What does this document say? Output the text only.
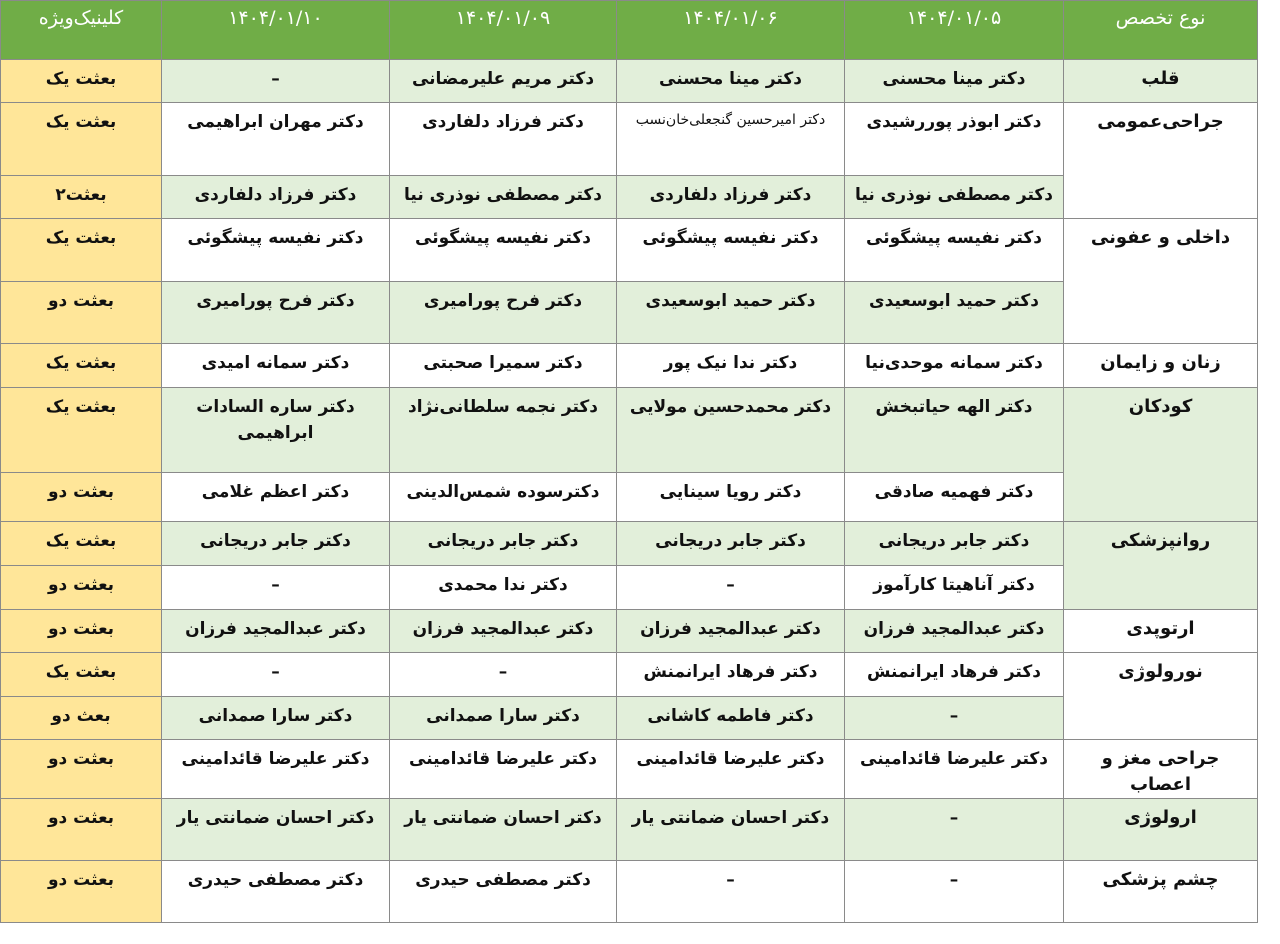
کلینیک‌ویژه	۱۴۰۴/۰۱/۱۰	۱۴۰۴/۰۱/۰۹	۱۴۰۴/۰۱/۰۶	۱۴۰۴/۰۱/۰۵	نوع تخصص
بعثت یک	–	دکتر مریم علیرمضانی	دکتر مینا محسنی	دکتر مینا محسنی	قلب
بعثت یک	دکتر مهران ابراهیمی	دکتر فرزاد دلفاردی	دکتر امیرحسین گنجعلی‌خان‌نسب	دکتر ابوذر پوررشیدی	جراحی‌عمومی
بعثت۲	دکتر فرزاد دلفاردی	دکتر مصطفی نوذری نیا	دکتر فرزاد دلفاردی	دکتر مصطفی نوذری نیا	
بعثت یک	دکتر نفیسه پیشگوئی	دکتر نفیسه پیشگوئی	دکتر نفیسه پیشگوئی	دکتر نفیسه پیشگوئی	داخلی و عفونی
بعثت دو	دکتر فرح پورامیری	دکتر فرح پورامیری	دکتر حمید ابوسعیدی	دکتر حمید ابوسعیدی	
بعثت یک	دکتر سمانه امیدی	دکتر سمیرا صحبتی	دکتر ندا نیک پور	دکتر سمانه موحدی‌نیا	زنان و زایمان
بعثت یک	دکتر ساره السادات ابراهیمی	دکتر نجمه سلطانی‌نژاد	دکتر محمدحسین مولایی	دکتر الهه حیاتبخش	کودکان
بعثت دو	دکتر اعظم غلامی	دکترسوده شمس‌الدینی	دکتر رویا سینایی	دکتر فهمیه صادقی	
بعثت یک	دکتر جابر دریجانی	دکتر جابر دریجانی	دکتر جابر دریجانی	دکتر جابر دریجانی	روانپزشکی
بعثت دو	–	دکتر ندا محمدی	–	دکتر آناهیتا کارآموز	
بعثت دو	دکتر عبدالمجید فرزان	دکتر عبدالمجید فرزان	دکتر عبدالمجید فرزان	دکتر عبدالمجید فرزان	ارتوپدی
بعثت یک	–	–	دکتر فرهاد ایرانمنش	دکتر فرهاد ایرانمنش	نورولوژی
بعث دو	دکتر سارا صمدانی	دکتر سارا صمدانی	دکتر فاطمه کاشانی	–	
بعثت دو	دکتر علیرضا قائدامینی	دکتر علیرضا قائدامینی	دکتر علیرضا قائدامینی	دکتر علیرضا قائدامینی	جراحی مغز و اعصاب
بعثت دو	دکتر احسان ضمانتی یار	دکتر احسان ضمانتی یار	دکتر احسان ضمانتی یار	–	ارولوژی
بعثت دو	دکتر مصطفی حیدری	دکتر مصطفی حیدری	–	–	چشم پزشکی
